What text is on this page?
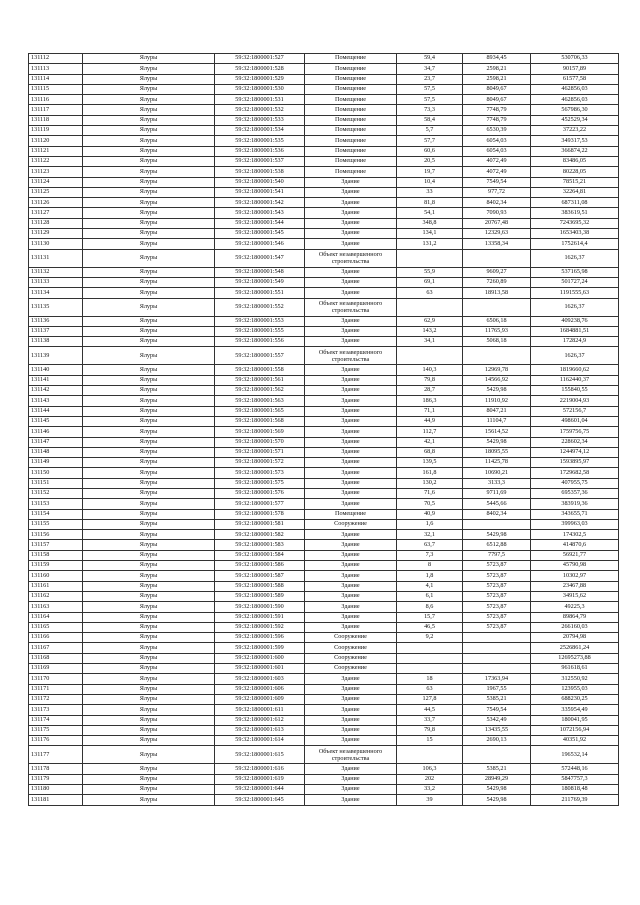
131112	Ялуры	59:32:1800001:527	Помещение	59,4	8934,45	530706,33
131113	Ялуры	59:32:1800001:528	Помещение	34,7	2598,21	90157,89
131114	Ялуры	59:32:1800001:529	Помещение	23,7	2598,21	61577,58
131115	Ялуры	59:32:1800001:530	Помещение	57,5	8049,67	462856,03
131116	Ялуры	59:32:1800001:531	Помещение	57,5	8049,67	462856,03
131117	Ялуры	59:32:1800001:532	Помещение	73,3	7748,79	567986,30
131118	Ялуры	59:32:1800001:533	Помещение	58,4	7748,79	452529,34
131119	Ялуры	59:32:1800001:534	Помещение	5,7	6530,39	37223,22
131120	Ялуры	59:32:1800001:535	Помещение	57,7	6054,03	349317,53
131121	Ялуры	59:32:1800001:536	Помещение	60,6	6054,03	366874,22
131122	Ялуры	59:32:1800001:537	Помещение	20,5	4072,49	83486,05
131123	Ялуры	59:32:1800001:538	Помещение	19,7	4072,49	80228,05
131124	Ялуры	59:32:1800001:540	Здание	10,4	7549,54	78515,21
131125	Ялуры	59:32:1800001:541	Здание	33	977,72	32264,81
131126	Ялуры	59:32:1800001:542	Здание	81,8	8402,34	687311,08
131127	Ялуры	59:32:1800001:543	Здание	54,1	7090,93	383619,51
131128	Ялуры	59:32:1800001:544	Здание	348,8	20767,48	7243695,32
131129	Ялуры	59:32:1800001:545	Здание	134,1	12329,63	1653403,38
131130	Ялуры	59:32:1800001:546	Здание	131,2	13358,34	1752614,4
131131	Ялуры	59:32:1800001:547	Объект незавершенного строительства			1626,37
131132	Ялуры	59:32:1800001:548	Здание	55,9	9609,27	537165,98
131133	Ялуры	59:32:1800001:549	Здание	69,1	7260,89	501727,24
131134	Ялуры	59:32:1800001:551	Здание	63	18913,58	1191555,63
131135	Ялуры	59:32:1800001:552	Объект незавершенного строительства			1626,37
131136	Ялуры	59:32:1800001:553	Здание	62,9	6506,18	409238,76
131137	Ялуры	59:32:1800001:555	Здание	143,2	11765,93	1684881,51
131138	Ялуры	59:32:1800001:556	Здание	34,1	5068,18	172824,9
131139	Ялуры	59:32:1800001:557	Объект незавершенного строительства			1626,37
131140	Ялуры	59:32:1800001:558	Здание	140,3	12969,78	1819660,62
131141	Ялуры	59:32:1800001:561	Здание	79,8	14566,92	1162440,37
131142	Ялуры	59:32:1800001:562	Здание	28,7	5429,98	155840,55
131143	Ялуры	59:32:1800001:563	Здание	186,3	11910,92	2219004,93
131144	Ялуры	59:32:1800001:565	Здание	71,1	8047,21	572156,7
131145	Ялуры	59:32:1800001:568	Здание	44,9	11104,7	498601,04
131146	Ялуры	59:32:1800001:569	Здание	112,7	15614,52	1759756,75
131147	Ялуры	59:32:1800001:570	Здание	42,1	5429,98	228602,34
131148	Ялуры	59:32:1800001:571	Здание	68,8	18095,55	1244974,12
131149	Ялуры	59:32:1800001:572	Здание	139,5	11425,78	1593895,97
131150	Ялуры	59:32:1800001:573	Здание	161,8	10690,21	1729682,58
131151	Ялуры	59:32:1800001:575	Здание	130,2	3133,3	407955,75
131152	Ялуры	59:32:1800001:576	Здание	71,6	9711,69	695357,36
131153	Ялуры	59:32:1800001:577	Здание	70,5	5445,66	383919,36
131154	Ялуры	59:32:1800001:578	Помещение	40,9	8402,34	343655,71
131155	Ялуры	59:32:1800001:581	Сооружение	1,6		399963,03
131156	Ялуры	59:32:1800001:582	Здание	32,1	5429,98	174302,5
131157	Ялуры	59:32:1800001:583	Здание	63,7	6512,88	414870,6
131158	Ялуры	59:32:1800001:584	Здание	7,3	7797,5	56921,77
131159	Ялуры	59:32:1800001:586	Здание	8	5723,87	45790,98
131160	Ялуры	59:32:1800001:587	Здание	1,8	5723,87	10302,97
131161	Ялуры	59:32:1800001:588	Здание	4,1	5723,87	23467,88
131162	Ялуры	59:32:1800001:589	Здание	6,1	5723,87	34915,62
131163	Ялуры	59:32:1800001:590	Здание	8,6	5723,87	49225,3
131164	Ялуры	59:32:1800001:591	Здание	15,7	5723,87	89864,79
131165	Ялуры	59:32:1800001:592	Здание	46,5	5723,87	266160,03
131166	Ялуры	59:32:1800001:596	Сооружение	9,2		20794,98
131167	Ялуры	59:32:1800001:599	Сооружение			2526861,24
131168	Ялуры	59:32:1800001:600	Сооружение			12695273,88
131169	Ялуры	59:32:1800001:601	Сооружение			961618,61
131170	Ялуры	59:32:1800001:603	Здание	18	17363,94	312550,92
131171	Ялуры	59:32:1800001:606	Здание	63	1967,55	123955,03
131172	Ялуры	59:32:1800001:609	Здание	127,8	5385,21	688230,25
131173	Ялуры	59:32:1800001:611	Здание	44,5	7549,54	335954,49
131174	Ялуры	59:32:1800001:612	Здание	33,7	5342,49	180041,95
131175	Ялуры	59:32:1800001:613	Здание	79,8	13435,55	1072156,94
131176	Ялуры	59:32:1800001:614	Здание	15	2690,13	40351,92
131177	Ялуры	59:32:1800001:615	Объект незавершенного строительства			196532,14
131178	Ялуры	59:32:1800001:616	Здание	106,3	5385,21	572448,16
131179	Ялуры	59:32:1800001:619	Здание	202	28949,29	5847757,3
131180	Ялуры	59:32:1800001:644	Здание	33,2	5429,98	180818,48
131181	Ялуры	59:32:1800001:645	Здание	39	5429,98	211769,39
